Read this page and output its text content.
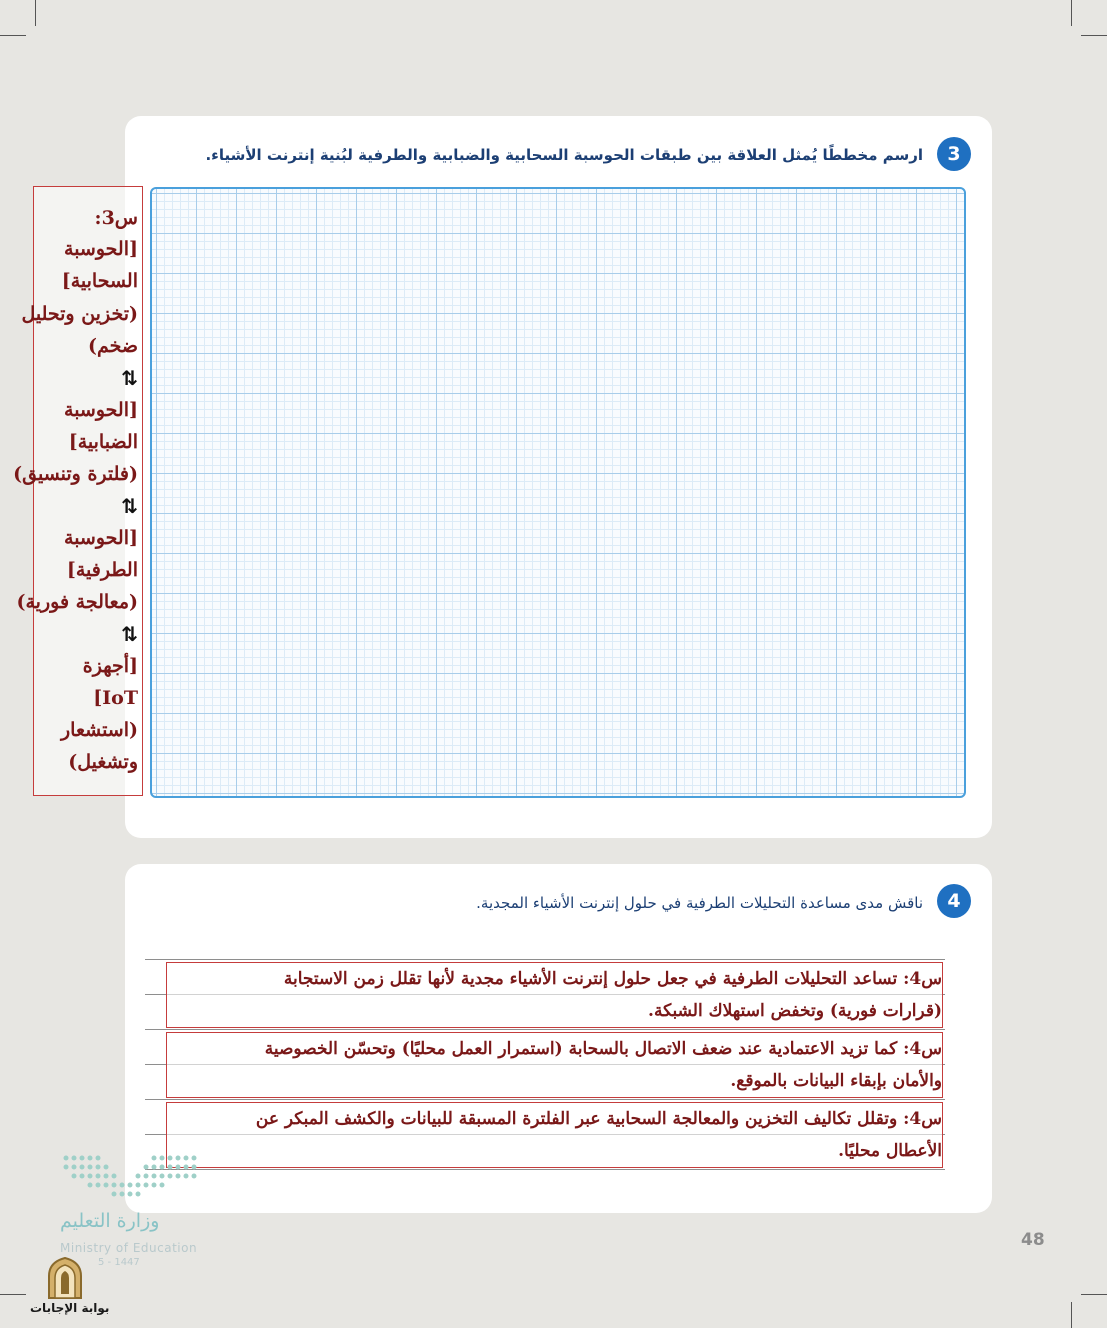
3
ارسم مخططًا يُمثل العلاقة بين طبقات الحوسبة السحابية والضبابية والطرفية لبُنية إنترنت الأشياء.
س3:
[الحوسبة
السحابية]
(تخزين وتحليل
ضخم)
⇅
[الحوسبة
الضبابية]
(فلترة وتنسيق)
⇅
[الحوسبة
الطرفية]
(معالجة فورية)
⇅
[أجهزة
IoT]
(استشعار
وتشغيل)
4
ناقش مدى مساعدة التحليلات الطرفية في حلول إنترنت الأشياء المجدية.
س4: تساعد التحليلات الطرفية في جعل حلول إنترنت الأشياء مجدية لأنها تقلل زمن الاستجابة
(قرارات فورية) وتخفض استهلاك الشبكة.
س4: كما تزيد الاعتمادية عند ضعف الاتصال بالسحابة (استمرار العمل محليًا) وتحسّن الخصوصية
والأمان بإبقاء البيانات بالموقع.
س4: وتقلل تكاليف التخزين والمعالجة السحابية عبر الفلترة المسبقة للبيانات والكشف المبكر عن
الأعطال محليًا.
48
وزارة التعليم
Ministry of Education
5 - 1447
بوابة الإجابات
